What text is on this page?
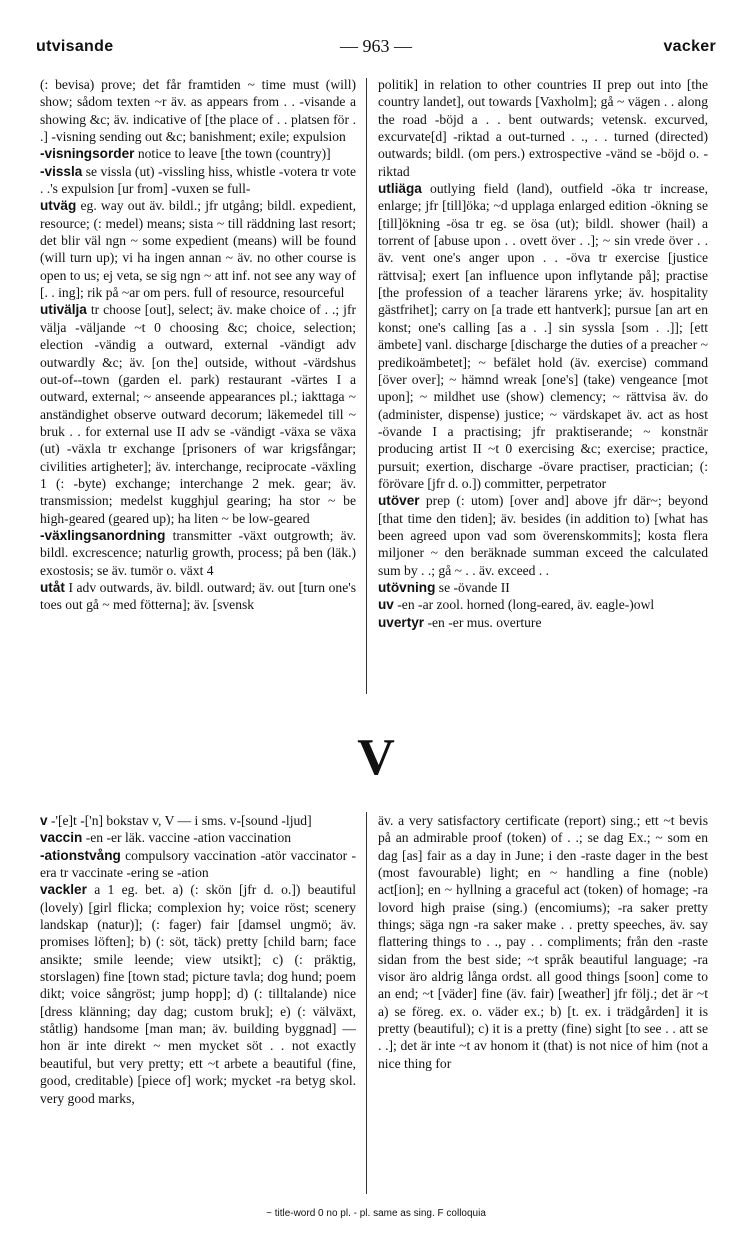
utvisande	— 963 —	vacker

(: bevisa) prove; det får framtiden ~ time must (will) show; sådom texten ~r äv. as appears from . . -visande a showing &c; äv. indicative of [the place of . . platsen för . .] -visning sending out &c; banishment; exile; expulsion

-visningsorder notice to leave [the town (country)]

-vissla se vissla (ut) -vissling hiss, whistle -votera tr vote . .'s expulsion [ur from] -vuxen se full-

utväg eg. way out äv. bildl.; jfr utgång; bildl. expedient, resource; (: medel) means; sista ~ till räddning last resort; det blir väl ngn ~ some expedient (means) will be found (will turn up); vi ha ingen annan ~ äv. no other course is open to us; ej veta, se sig ngn ~ att inf. not see any way of [. . ing]; rik på ~ar om pers. full of resource, resourceful

utiväljа tr choose [out], select; äv. make choice of . .; jfr välja -väljande ~t 0 choosing &c; choice, selection; election -vändig a outward, external -vändigt adv outwardly &c; äv. [on the] outside, without -värdshus out-of--town (garden el. park) restaurant -värtes I a outward, external; ~ anseende appearances pl.; iakttaga ~ anständighet observe outward decorum; läkemedel till ~ bruk . . for external use II adv se -vändigt -växa se växa (ut) -växla tr exchange [prisoners of war krigsfångar; civilities artigheter]; äv. interchange, reciprocate -växling 1 (: -byte) exchange; interchange 2 mek. gear; äv. transmission; medelst kugghjul gearing; ha stor ~ be high-geared (geared up); ha liten ~ be low-geared

-växlingsanordning transmitter -växt outgrowth; äv. bildl. excrescence; naturlig growth, process; på ben (läk.) exostosis; se äv. tumör o. växt 4

utåt I adv outwards, äv. bildl. outward; äv. out [turn one's toes out gå ~ med fötterna]; äv. [svensk

politik] in relation to other countries II prep out into [the country landet], out towards [Vaxholm]; gå ~ vägen . . along the road -böjd a . . bent outwards; vetensk. excurved, excurvate[d] -riktad a out-turned . ., . . turned (directed) outwards; bildl. (om pers.) extrospective -vänd se -böjd o. -riktad

utliäga outlying field (land), outfield -öka tr increase, enlarge; jfr [till]öka; ~d upplaga enlarged edition -ökning se [till]ökning -ösa tr eg. se ösa (ut); bildl. shower (hail) a torrent of [abuse upon . . ovett över . .]; ~ sin vrede över . . äv. vent one's anger upon . . -öva tr exercise [justice rättvisa]; exert [an influence upon inflytande på]; practise [the profession of a teacher lärarens yrke; äv. hospitality gästfrihet]; carry on [a trade ett hantverk]; pursue [an art en konst; one's calling [as a . .] sin syssla [som . .]]; [ett ämbete] vanl. discharge [discharge the duties of a preacher ~ predikoämbetet]; ~ befälet hold (äv. exercise) command [över over]; ~ hämnd wreak [one's] (take) vengeance [mot upon]; ~ mildhet use (show) clemency; ~ rättvisa äv. do (administer, dispense) justice; ~ värdskapet äv. act as host -övande I a practising; jfr praktiserande; ~ konstnär producing artist II ~t 0 exercising &c; exercise; practice, pursuit; exertion, discharge -övare practiser, practician; (: förövare [jfr d. o.]) committer, perpetrator

utöver prep (: utom) [over and] above jfr där~; beyond [that time den tiden]; äv. besides (in addition to) [what has been agreed upon vad som överenskommits]; kosta flera miljoner ~ den beräknade summan exceed the calculated sum by . .; gå ~ . . äv. exceed . .

utövning se -övande II

uv -en -ar zool. horned (long-eared, äv. eagle-)owl

uvertyr -en -er mus. overture

V

v -'[e]t -['n] bokstav v, V — i sms. v-[sound -ljud]

vaccin -en -er läk. vaccine -ation vaccination

-ationstvång compulsory vaccination -atör vaccinator -era tr vaccinate -ering se -ation

vackler a 1 eg. bet. a) (: skön [jfr d. o.]) beautiful (lovely) [girl flicka; complexion hy; voice röst; scenery landskap (natur)]; (: fager) fair [damsel ungmö; äv. promises löften]; b) (: söt, täck) pretty [child barn; face ansikte; smile leende; view utsikt]; c) (: präktig, storslagen) fine [town stad; picture tavla; dog hund; poem dikt; voice sångröst; jump hopp]; d) (: tilltalande) nice [dress klänning; day dag; custom bruk]; e) (: välväxt, ståtlig) handsome [man man; äv. building byggnad] — hon är inte direkt ~ men mycket söt . . not exactly beautiful, but very pretty; ett ~t arbete a beautiful (fine, good, creditable) [piece of] work; mycket -ra betyg skol. very good marks,

äv. a very satisfactory certificate (report) sing.; ett ~t bevis på an admirable proof (token) of . .; se dag Ex.; ~ som en dag [as] fair as a day in June; i den -raste dager in the best (most favourable) light; en ~ handling a fine (noble) act[ion]; en ~ hyllning a graceful act (token) of homage; -ra lovord high praise (sing.) (encomiums); -ra saker pretty things; säga ngn -ra saker make . . pretty speeches, äv. say flattering things to . ., pay . . compliments; från den -raste sidan from the best side; ~t språk beautiful language; -ra visor äro aldrig långa ordst. all good things [soon] come to an end; ~t [väder] fine (äv. fair) [weather] jfr följ.; det är ~t a) se föreg. ex. o. väder ex.; b) [t. ex. i trädgården] it is pretty (beautiful); c) it is a pretty (fine) sight [to see . . att se . .]; det är inte ~t av honom it (that) is not nice of him (not a nice thing for

~ title-word 0 no pl. - pl. same as sing. F colloquia
